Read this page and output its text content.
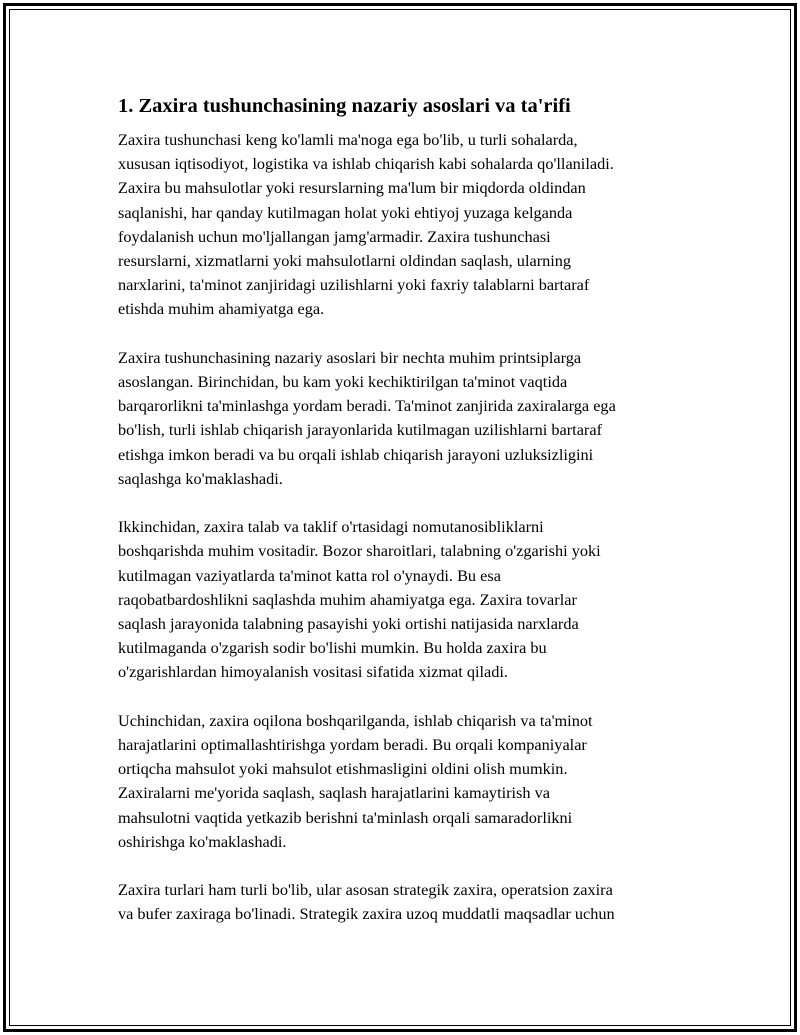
1. Zaxira tushunchasining nazariy asoslari va ta'rifi

Zaxira tushunchasi keng ko'lamli ma'noga ega bo'lib, u turli sohalarda,
xususan iqtisodiyot, logistika va ishlab chiqarish kabi sohalarda qo'llaniladi.
Zaxira bu mahsulotlar yoki resurslarning ma'lum bir miqdorda oldindan
saqlanishi, har qanday kutilmagan holat yoki ehtiyoj yuzaga kelganda
foydalanish uchun mo'ljallangan jamg'armadir. Zaxira tushunchasi
resurslarni, xizmatlarni yoki mahsulotlarni oldindan saqlash, ularning
narxlarini, ta'minot zanjiridagi uzilishlarni yoki faxriy talablarni bartaraf
etishda muhim ahamiyatga ega.

Zaxira tushunchasining nazariy asoslari bir nechta muhim printsiplarga
asoslangan. Birinchidan, bu kam yoki kechiktirilgan ta'minot vaqtida
barqarorlikni ta'minlashga yordam beradi. Ta'minot zanjirida zaxiralarga ega
bo'lish, turli ishlab chiqarish jarayonlarida kutilmagan uzilishlarni bartaraf
etishga imkon beradi va bu orqali ishlab chiqarish jarayoni uzluksizligini
saqlashga ko'maklashadi.

Ikkinchidan, zaxira talab va taklif o'rtasidagi nomutanosibliklarni
boshqarishda muhim vositadir. Bozor sharoitlari, talabning o'zgarishi yoki
kutilmagan vaziyatlarda ta'minot katta rol o'ynaydi. Bu esa
raqobatbardoshlikni saqlashda muhim ahamiyatga ega. Zaxira tovarlar
saqlash jarayonida talabning pasayishi yoki ortishi natijasida narxlarda
kutilmaganda o'zgarish sodir bo'lishi mumkin. Bu holda zaxira bu
o'zgarishlardan himoyalanish vositasi sifatida xizmat qiladi.

Uchinchidan, zaxira oqilona boshqarilganda, ishlab chiqarish va ta'minot
harajatlarini optimallashtirishga yordam beradi. Bu orqali kompaniyalar
ortiqcha mahsulot yoki mahsulot etishmasligini oldini olish mumkin.
Zaxiralarni me'yorida saqlash, saqlash harajatlarini kamaytirish va
mahsulotni vaqtida yetkazib berishni ta'minlash orqali samaradorlikni
oshirishga ko'maklashadi.

Zaxira turlari ham turli bo'lib, ular asosan strategik zaxira, operatsion zaxira
va bufer zaxiraga bo'linadi. Strategik zaxira uzoq muddatli maqsadlar uchun
